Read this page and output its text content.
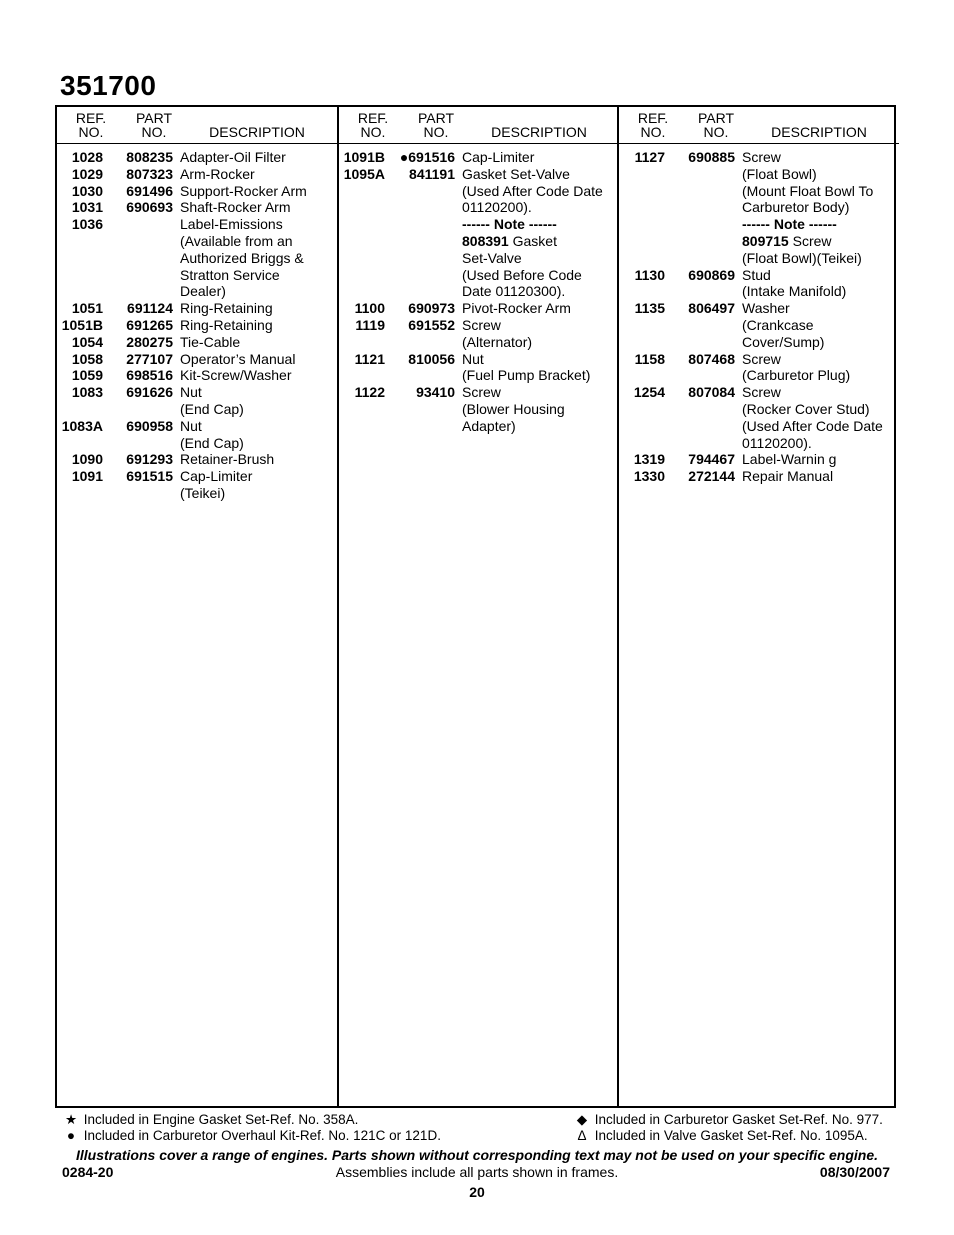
351700
REF.
NO.
PART
NO.	DESCRIPTION
1028	808235 Adapter-Oil Filter
1029	807323 Arm-Rocker
1030	691496 Support-Rocker Arm
1031	690693 Shaft-Rocker Arm
1036	Label-Emissions
(Available from an
Authorized Briggs &
Stratton Service
Dealer)
1051	691124 Ring-Retaining
1051B	691265 Ring-Retaining
1054	280275 Tie-Cable
1058	277107 Operator’s Manual
1059	698516 Kit-Screw/Washer
1083	691626 Nut
(End Cap)
1083A	690958 Nut
(End Cap)
1090	691293 Retainer-Brush
1091	691515 Cap-Limiter
(Teikei)
REF.
NO.
PART
NO.	DESCRIPTION
1091B	●691516 Cap-Limiter
1095A	841191 Gasket Set-Valve
(Used After Code Date
01120200).
------ Note ------
808391 Gasket
Set-Valve
(Used Before Code
Date 01120300).
1100	690973 Pivot-Rocker Arm
1119	691552 Screw
(Alternator)
1121	810056 Nut
(Fuel Pump Bracket)
1122	93410 Screw
(Blower Housing
Adapter)
REF.
NO.
PART
NO.	DESCRIPTION
1127	690885 Screw
(Float Bowl)
(Mount Float Bowl To
Carburetor Body)
------ Note ------
809715 Screw
(Float Bowl)(Teikei)
1130	690869 Stud
(Intake Manifold)
1135	806497 Washer
(Crankcase
Cover/Sump)
1158	807468 Screw
(Carburetor Plug)
1254	807084 Screw
(Rocker Cover Stud)
(Used After Code Date
01120200).
1319	794467 Label-Warnin g
1330	272144 Repair Manual
★ Included in Engine Gasket Set-Ref. No. 358A.
● Included in Carburetor Overhaul Kit-Ref. No. 121C or 121D.
◆ Included in Carburetor Gasket Set-Ref. No. 977.
Δ Included in Valve Gasket Set-Ref. No. 1095A.
Illustrations cover a range of engines. Parts shown without corresponding text may not be used on your specific engine.
0284-20	Assemblies include all parts shown in frames.	08/30/2007
20
